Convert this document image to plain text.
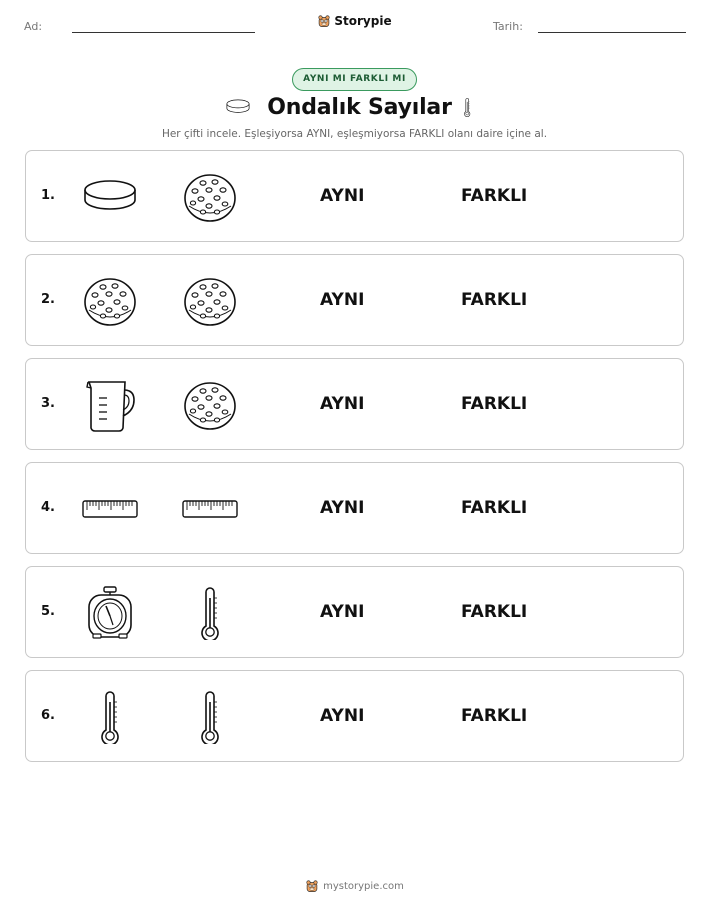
Ad:	Storypie	Tarih:
AYNI MI FARKLI MI
Ondalık Sayılar
Her çifti incele. Eşleşiyorsa AYNI, eşleşmiyorsa FARKLI olanı daire içine al.
1.	AYNI	FARKLI
2.	AYNI	FARKLI
3.	AYNI	FARKLI
4.	AYNI	FARKLI
5.	AYNI	FARKLI
6.	AYNI	FARKLI
mystorypie.com
